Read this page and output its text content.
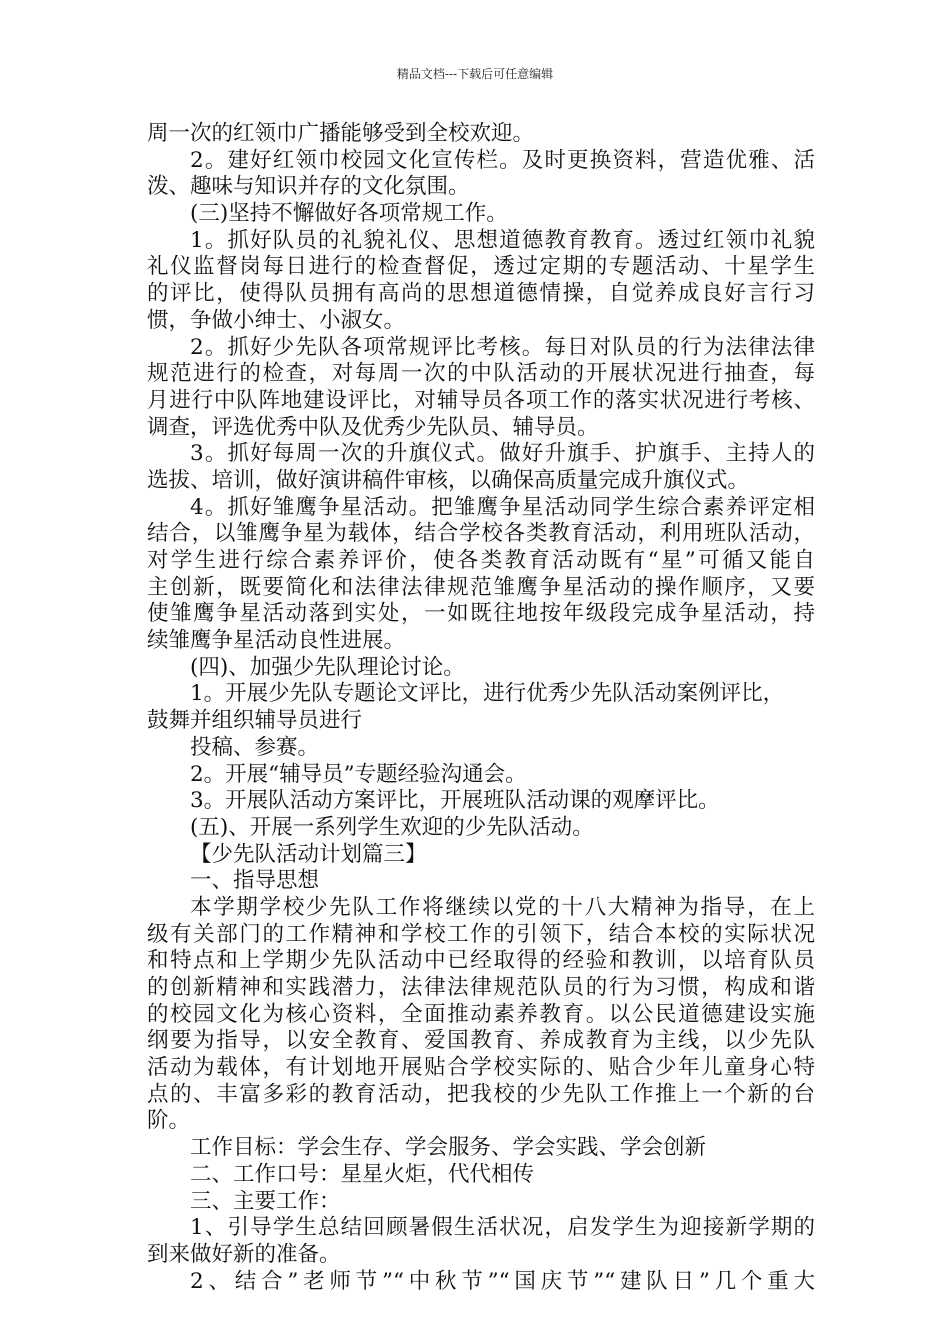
精品文档---下载后可任意编辑
周一次的红领巾广播能够受到全校欢迎。
2。建好红领巾校园文化宣传栏。及时更换资料，营造优雅、活
泼、趣味与知识并存的文化氛围。
(三)坚持不懈做好各项常规工作。
1。抓好队员的礼貌礼仪、思想道德教育教育。透过红领巾礼貌
礼仪监督岗每日进行的检查督促，透过定期的专题活动、十星学生
的评比，使得队员拥有高尚的思想道德情操，自觉养成良好言行习
惯，争做小绅士、小淑女。
2。抓好少先队各项常规评比考核。每日对队员的行为法律法律
规范进行的检查，对每周一次的中队活动的开展状况进行抽查，每
月进行中队阵地建设评比，对辅导员各项工作的落实状况进行考核、
调查，评选优秀中队及优秀少先队员、辅导员。
3。抓好每周一次的升旗仪式。做好升旗手、护旗手、主持人的
选拔、培训，做好演讲稿件审核，以确保高质量完成升旗仪式。
4。抓好雏鹰争星活动。把雏鹰争星活动同学生综合素养评定相
结合，以雏鹰争星为载体，结合学校各类教育活动，利用班队活动，
对学生进行综合素养评价，使各类教育活动既有“星”可循又能自
主创新，既要简化和法律法律规范雏鹰争星活动的操作顺序，又要
使雏鹰争星活动落到实处，一如既往地按年级段完成争星活动，持
续雏鹰争星活动良性进展。
(四)、加强少先队理论讨论。
1。开展少先队专题论文评比，进行优秀少先队活动案例评比，
鼓舞并组织辅导员进行
投稿、参赛。
2。开展“辅导员”专题经验沟通会。
3。开展队活动方案评比，开展班队活动课的观摩评比。
(五)、开展一系列学生欢迎的少先队活动。
【少先队活动计划篇三】
一、指导思想
本学期学校少先队工作将继续以党的十八大精神为指导，在上
级有关部门的工作精神和学校工作的引领下，结合本校的实际状况
和特点和上学期少先队活动中已经取得的经验和教训，以培育队员
的创新精神和实践潜力，法律法律规范队员的行为习惯，构成和谐
的校园文化为核心资料，全面推动素养教育。以公民道德建设实施
纲要为指导，以安全教育、爱国教育、养成教育为主线，以少先队
活动为载体，有计划地开展贴合学校实际的、贴合少年儿童身心特
点的、丰富多彩的教育活动，把我校的少先队工作推上一个新的台
阶。
工作目标：学会生存、学会服务、学会实践、学会创新
二、工作口号：星星火炬，代代相传
三、主要工作：
1、引导学生总结回顾暑假生活状况，启发学生为迎接新学期的
到来做好新的准备。
2、结合”老师节”“中秋节”“国庆节”“建队日”几个重大
